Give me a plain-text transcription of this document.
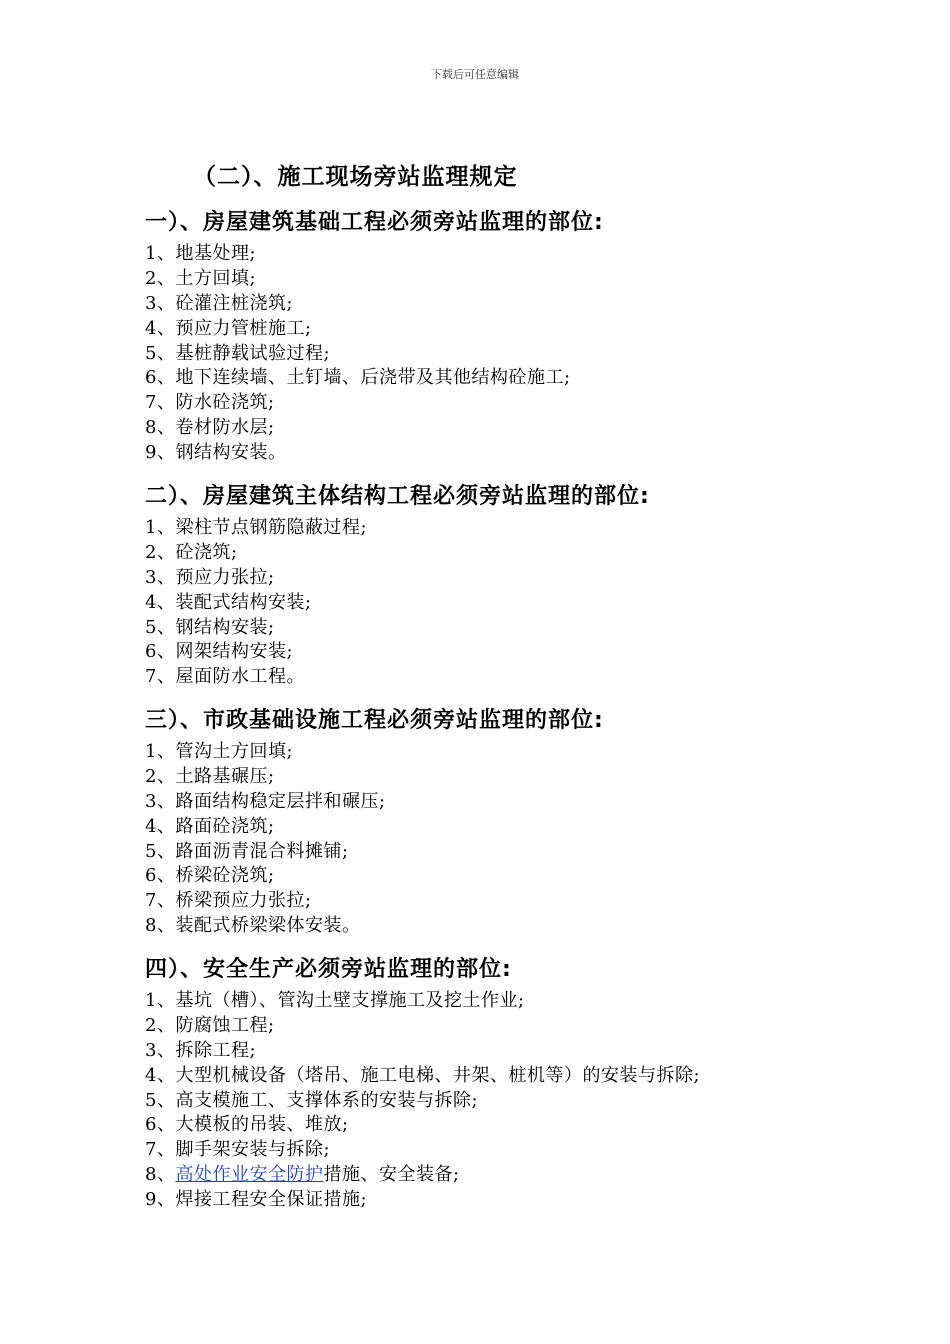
下载后可任意编辑
（二）、施工现场旁站监理规定
一）、房屋建筑基础工程必须旁站监理的部位:
1、地基处理;
2、土方回填;
3、砼灌注桩浇筑;
4、预应力管桩施工;
5、基桩静载试验过程;
6、地下连续墙、土钉墙、后浇带及其他结构砼施工;
7、防水砼浇筑;
8、卷材防水层;
9、钢结构安装。
二）、房屋建筑主体结构工程必须旁站监理的部位:
1、梁柱节点钢筋隐蔽过程;
2、砼浇筑;
3、预应力张拉;
4、装配式结构安装;
5、钢结构安装;
6、网架结构安装;
7、屋面防水工程。
三）、市政基础设施工程必须旁站监理的部位:
1、管沟土方回填;
2、土路基碾压;
3、路面结构稳定层拌和碾压;
4、路面砼浇筑;
5、路面沥青混合料摊铺;
6、桥梁砼浇筑;
7、桥梁预应力张拉;
8、装配式桥梁梁体安装。
四）、安全生产必须旁站监理的部位:
1、基坑（槽）、管沟土壁支撑施工及挖土作业;
2、防腐蚀工程;
3、拆除工程;
4、大型机械设备（塔吊、施工电梯、井架、桩机等）的安装与拆除;
5、高支模施工、支撑体系的安装与拆除;
6、大模板的吊装、堆放;
7、脚手架安装与拆除;
8、高处作业安全防护措施、安全装备;
9、焊接工程安全保证措施;
